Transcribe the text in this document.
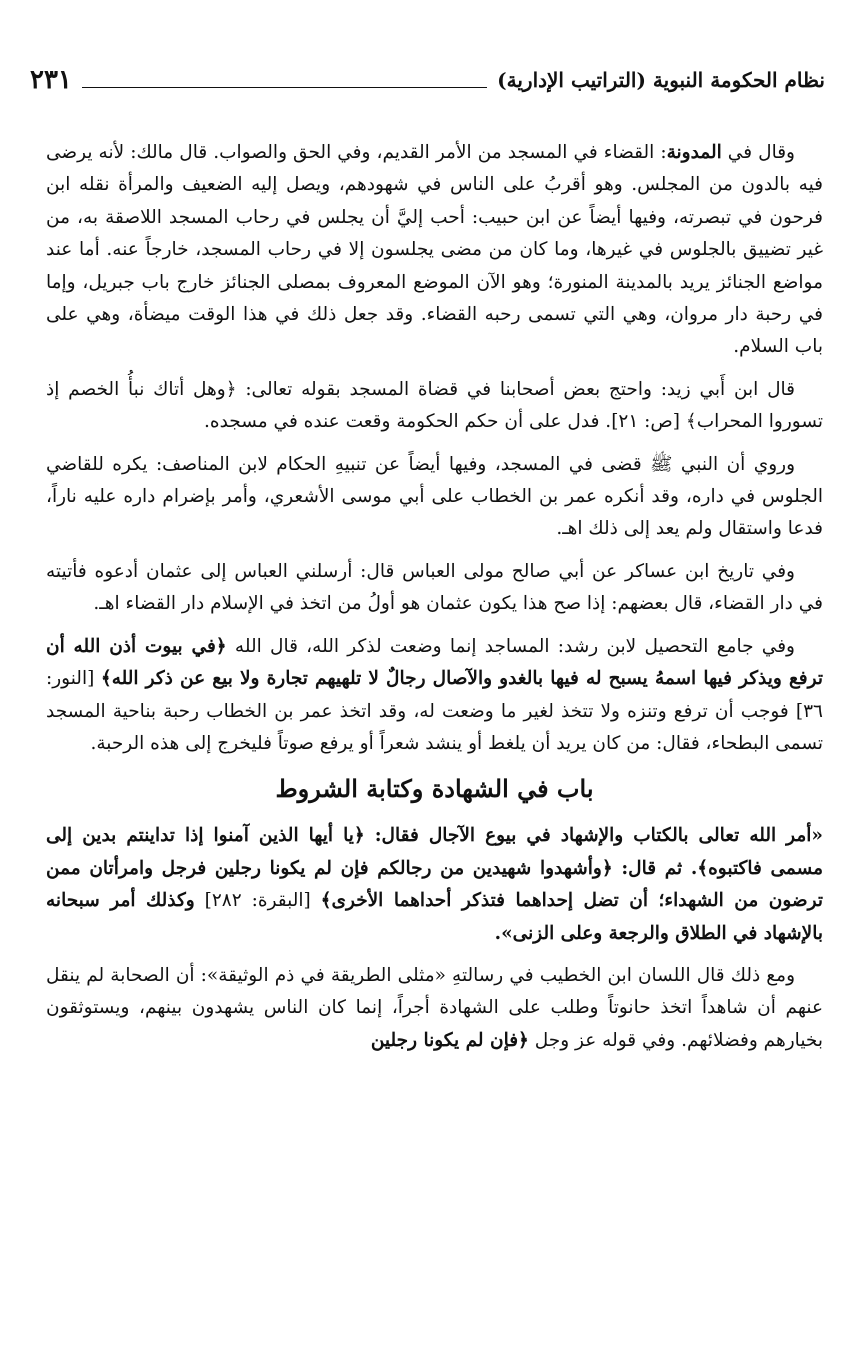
نظام الحكومة النبوية (التراتيب الإدارية)
٢٣١

وقال في المدونة: القضاء في المسجد من الأمر القديم، وفي الحق والصواب. قال مالك: لأنه يرضى فيه بالدون من المجلس. وهو أقربُ على الناس في شهودهم، ويصل إليه الضعيف والمرأة نقله ابن فرحون في تبصرته، وفيها أيضاً عن ابن حبيب: أحب إليَّ أن يجلس في رحاب المسجد اللاصقة به، من غير تضييق بالجلوس في غيرها، وما كان من مضى يجلسون إلا في رحاب المسجد، خارجاً عنه. أما عند مواضع الجنائز يريد بالمدينة المنورة؛ وهو الآن الموضع المعروف بمصلى الجنائز خارج باب جبريل، وإما في رحبة دار مروان، وهي التي تسمى رحبه القضاء. وقد جعل ذلك في هذا الوقت ميضأة، وهي على باب السلام.

قال ابن أَبي زيد: واحتج بعض أصحابنا في قضاة المسجد بقوله تعالى: ﴿وهل أتاك نبأُ الخصم إذ تسوروا المحراب﴾ [ص: ٢١]. فدل على أن حكم الحكومة وقعت عنده في مسجده.

وروي أن النبي ﷺ قضى في المسجد، وفيها أيضاً عن تنبيهِ الحكام لابن المناصف: يكره للقاضي الجلوس في داره، وقد أنكره عمر بن الخطاب على أبي موسى الأشعري، وأمر بإضرام داره عليه ناراً، فدعا واستقال ولم يعد إلى ذلك اهـ.

وفي تاريخ ابن عساكر عن أبي صالح مولى العباس قال: أرسلني العباس إلى عثمان أدعوه فأتيته في دار القضاء، قال بعضهم: إذا صح هذا يكون عثمان هو أولُ من اتخذ في الإسلام دار القضاء اهـ.

وفي جامع التحصيل لابن رشد: المساجد إنما وضعت لذكر الله، قال الله ﴿في بيوت أذن الله أن ترفع ويذكر فيها اسمهُ يسبح له فيها بالغدو والآصال رجالٌ لا تلهيهم تجارة ولا بيع عن ذكر الله﴾ [النور: ٣٦] فوجب أن ترفع وتنزه ولا تتخذ لغير ما وضعت له، وقد اتخذ عمر بن الخطاب رحبة بناحية المسجد تسمى البطحاء، فقال: من كان يريد أن يلغط أو ينشد شعراً أو يرفع صوتاً فليخرج إلى هذه الرحبة.

باب في الشهادة وكتابة الشروط

«أمر الله تعالى بالكتاب والإشهاد في بيوع الآجال فقال: ﴿يا أيها الذين آمنوا إذا تداينتم بدين إلى مسمى فاكتبوه﴾. ثم قال: ﴿وأشهدوا شهيدين من رجالكم فإن لم يكونا رجلين فرجل وامرأتان ممن ترضون من الشهداء؛ أن تضل إحداهما فتذكر أحداهما الأخرى﴾ [البقرة: ٢٨٢] وكذلك أمر سبحانه بالإشهاد في الطلاق والرجعة وعلى الزنى».

ومع ذلك قال اللسان ابن الخطيب في رسالتهِ «مثلى الطريقة في ذم الوثيقة»: أن الصحابة لم ينقل عنهم أن شاهداً اتخذ حانوتاً وطلب على الشهادة أجراً، إنما كان الناس يشهدون بينهم، ويستوثقون بخيارهم وفضلائهم. وفي قوله عز وجل ﴿فإن لم يكونا رجلين
